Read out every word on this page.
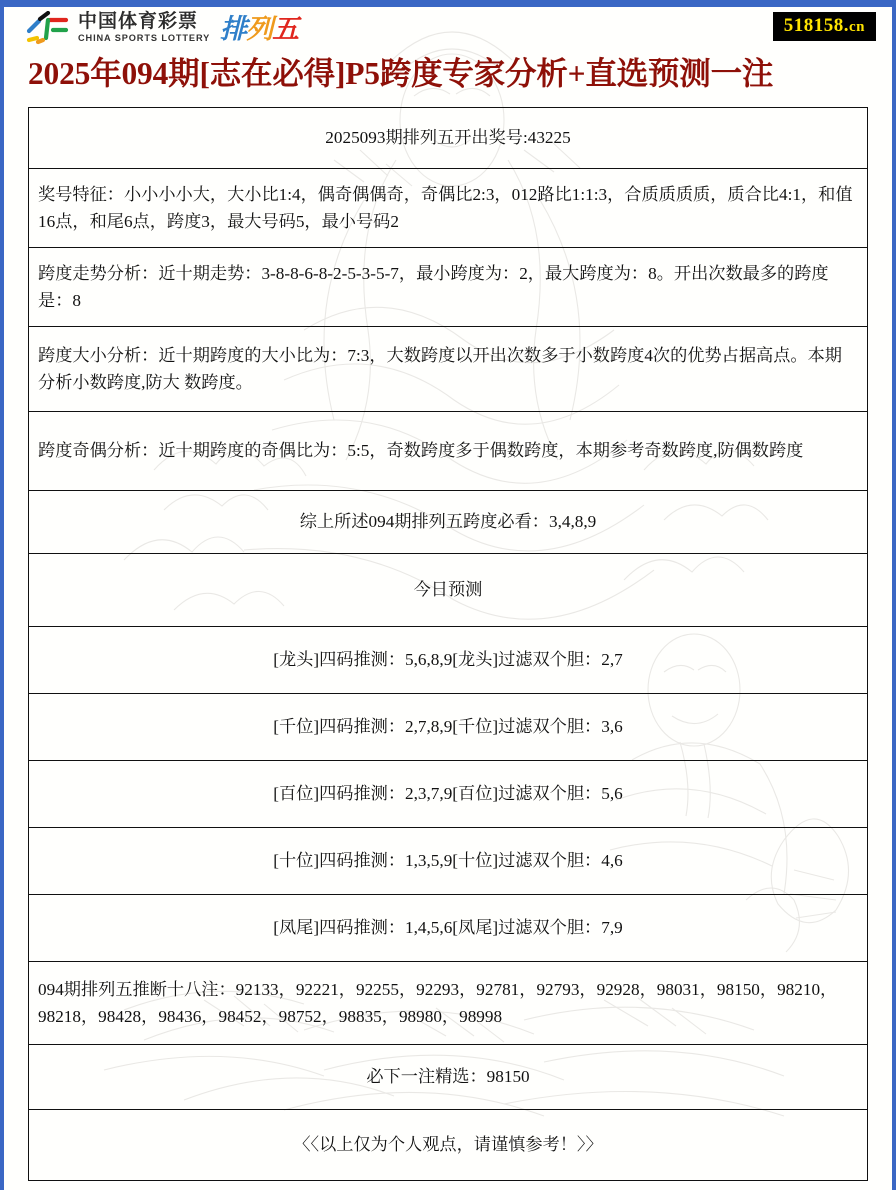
中国体育彩票
CHINA SPORTS LOTTERY 排列五	518158.cn
2025年094期[志在必得]P5跨度专家分析+直选预测一注
2025093期排列五开出奖号:43225
奖号特征：小小小小大，大小比1:4，偶奇偶偶奇，奇偶比2:3，012路比1:1:3，合质质质质，质合比4:1，和值16点，和尾6点，跨度3，最大号码5，最小号码2
跨度走势分析：近十期走势：3-8-8-6-8-2-5-3-5-7，最小跨度为：2，最大跨度为：8。开出次数最多的跨度是：8
跨度大小分析：近十期跨度的大小比为：7:3，大数跨度以开出次数多于小数跨度4次的优势占据高点。本期分析小数跨度,防大 数跨度。
跨度奇偶分析：近十期跨度的奇偶比为：5:5，奇数跨度多于偶数跨度，本期参考奇数跨度,防偶数跨度
综上所述094期排列五跨度必看：3,4,8,9
今日预测
[龙头]四码推测：5,6,8,9[龙头]过滤双个胆：2,7
[千位]四码推测：2,7,8,9[千位]过滤双个胆：3,6
[百位]四码推测：2,3,7,9[百位]过滤双个胆：5,6
[十位]四码推测：1,3,5,9[十位]过滤双个胆：4,6
[凤尾]四码推测：1,4,5,6[凤尾]过滤双个胆：7,9
094期排列五推断十八注：92133，92221，92255，92293，92781，92793，92928，98031，98150，98210，98218，98428，98436，98452，98752，98835，98980，98998
必下一注精选：98150
〈〈以上仅为个人观点，请谨慎参考！〉〉
